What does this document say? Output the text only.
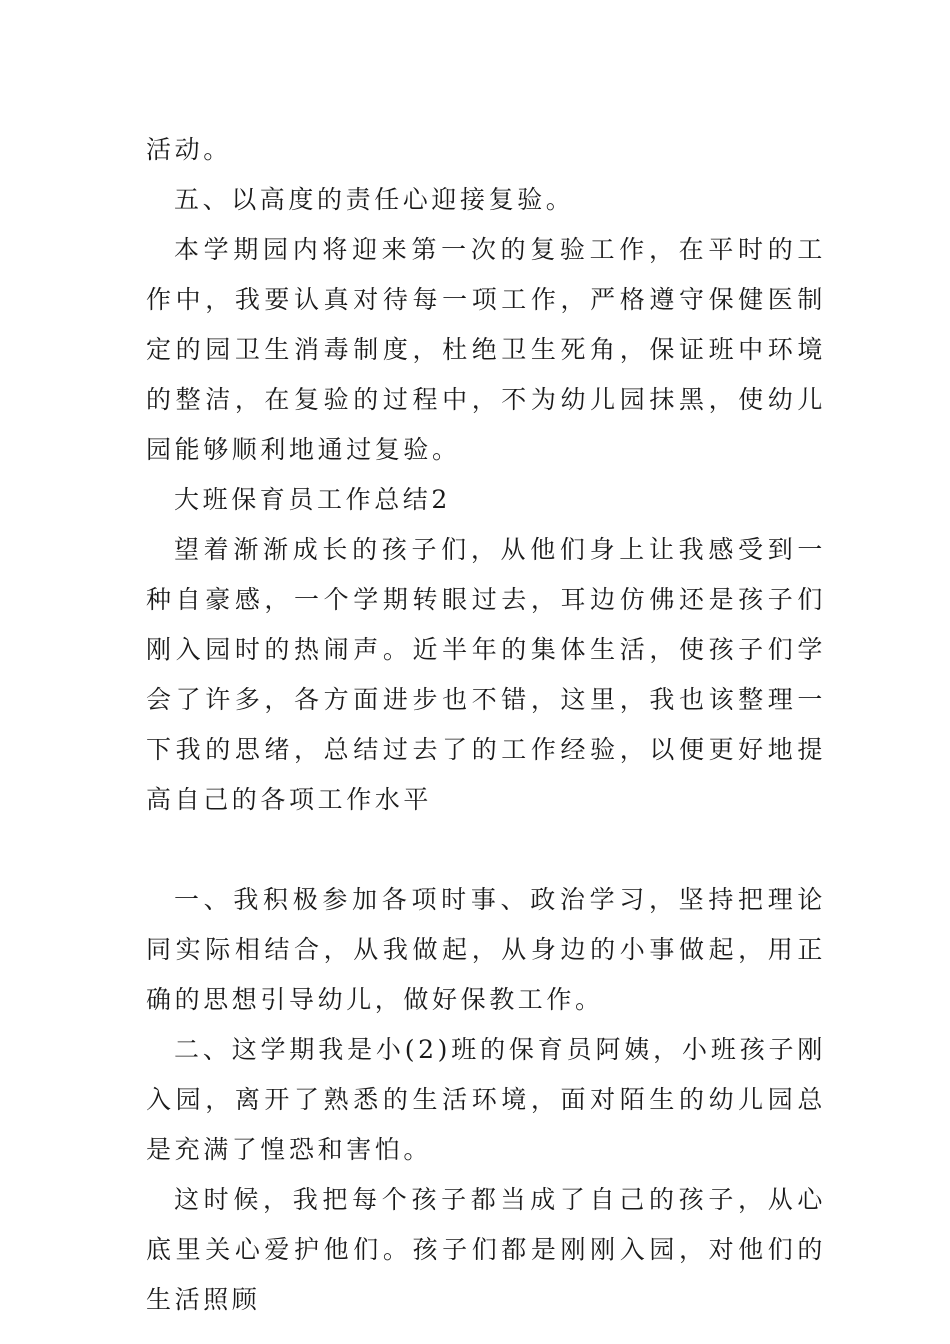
活动。

五、以高度的责任心迎接复验。

本学期园内将迎来第一次的复验工作，在平时的工作中，我要认真对待每一项工作，严格遵守保健医制定的园卫生消毒制度，杜绝卫生死角，保证班中环境的整洁，在复验的过程中，不为幼儿园抹黑，使幼儿园能够顺利地通过复验。

大班保育员工作总结2

望着渐渐成长的孩子们，从他们身上让我感受到一种自豪感，一个学期转眼过去，耳边仿佛还是孩子们刚入园时的热闹声。近半年的集体生活，使孩子们学会了许多，各方面进步也不错，这里，我也该整理一下我的思绪，总结过去了的工作经验，以便更好地提高自己的各项工作水平

一、我积极参加各项时事、政治学习，坚持把理论同实际相结合，从我做起，从身边的小事做起，用正确的思想引导幼儿，做好保教工作。

二、这学期我是小(2)班的保育员阿姨，小班孩子刚入园，离开了熟悉的生活环境，面对陌生的幼儿园总是充满了惶恐和害怕。

这时候，我把每个孩子都当成了自己的孩子，从心底里关心爱护他们。孩子们都是刚刚入园，对他们的生活照顾
